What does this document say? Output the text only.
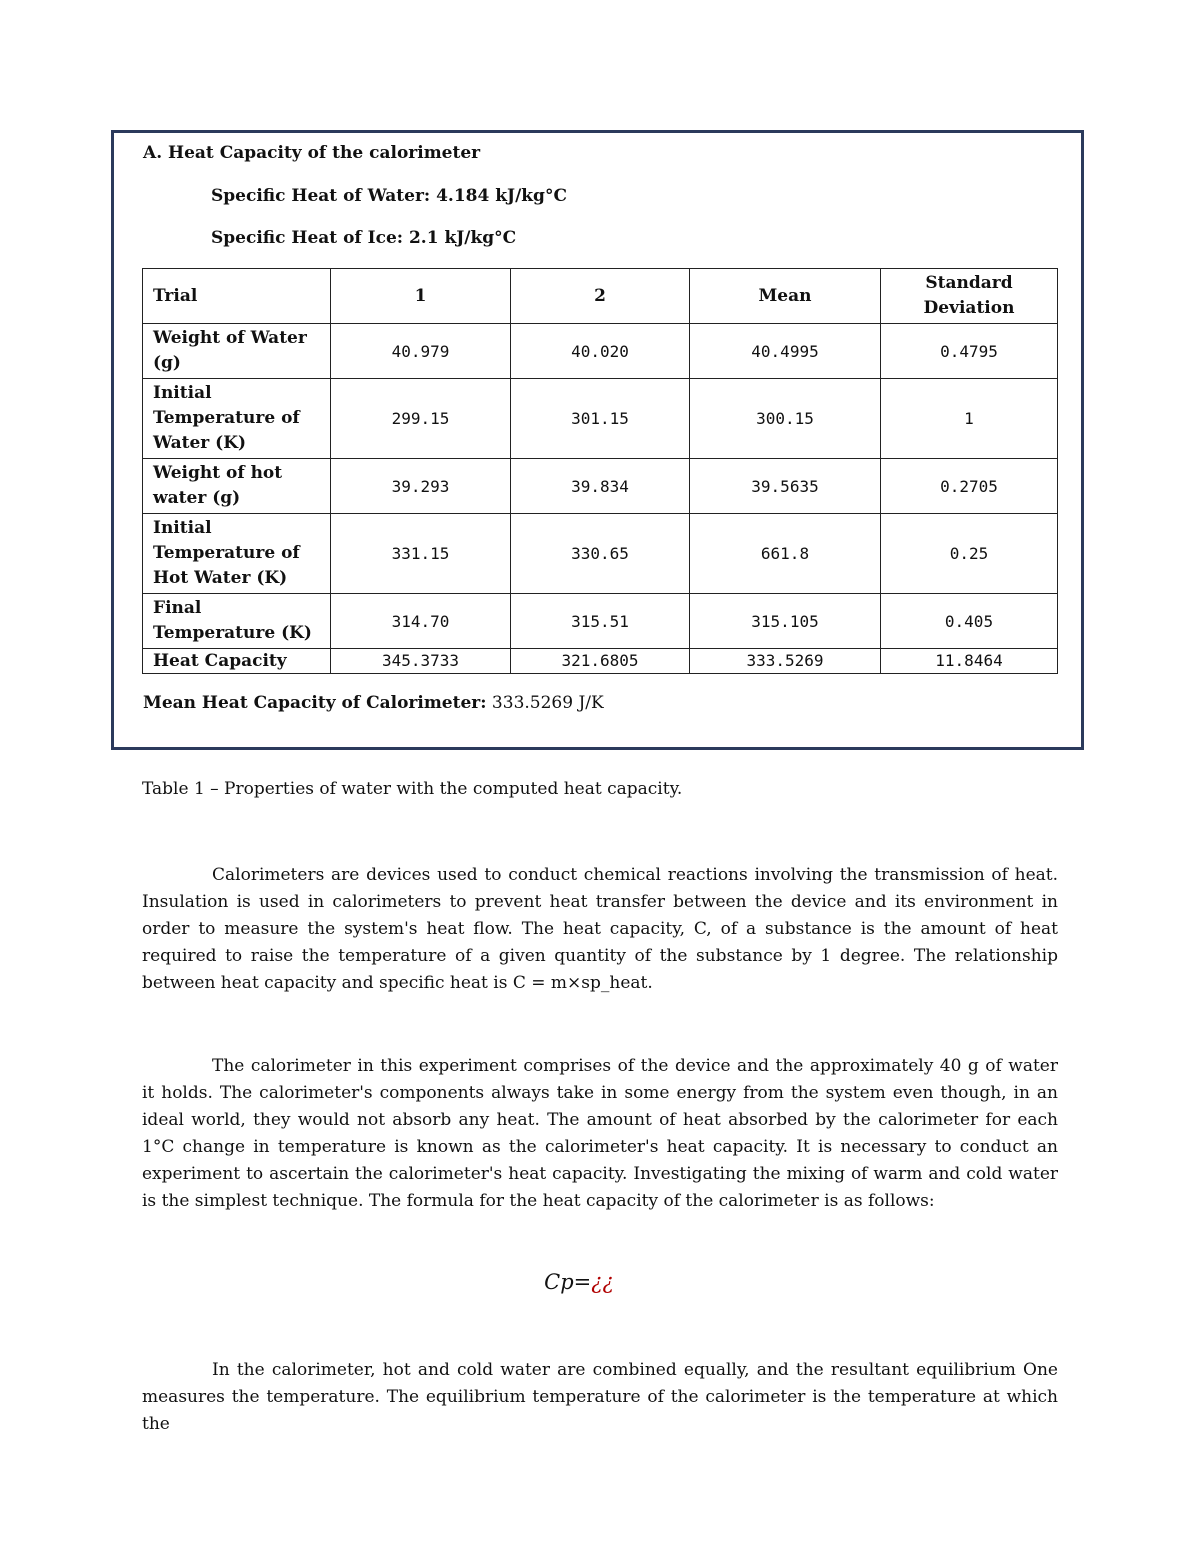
A. Heat Capacity of the calorimeter
Specific Heat of Water: 4.184 kJ/kg°C
Specific Heat of Ice: 2.1 kJ/kg°C
Trial	1	2	Mean	Standard Deviation
Weight of Water (g)	40.979	40.020	40.4995	0.4795
Initial Temperature of Water (K)	299.15	301.15	300.15	1
Weight of hot water (g)	39.293	39.834	39.5635	0.2705
Initial Temperature of Hot Water (K)	331.15	330.65	661.8	0.25
Final Temperature (K)	314.70	315.51	315.105	0.405
Heat Capacity	345.3733	321.6805	333.5269	11.8464
Mean Heat Capacity of Calorimeter: 333.5269 J/K
Table 1 – Properties of water with the computed heat capacity.

Calorimeters are devices used to conduct chemical reactions involving the transmission of heat. Insulation is used in calorimeters to prevent heat transfer between the device and its environment in order to measure the system's heat flow. The heat capacity, C, of a substance is the amount of heat required to raise the temperature of a given quantity of the substance by 1 degree. The relationship between heat capacity and specific heat is C = m×sp_heat.

The calorimeter in this experiment comprises of the device and the approximately 40 g of water it holds. The calorimeter's components always take in some energy from the system even though, in an ideal world, they would not absorb any heat. The amount of heat absorbed by the calorimeter for each 1°C change in temperature is known as the calorimeter's heat capacity. It is necessary to conduct an experiment to ascertain the calorimeter's heat capacity. Investigating the mixing of warm and cold water is the simplest technique. The formula for the heat capacity of the calorimeter is as follows:

Cp=¿¿

In the calorimeter, hot and cold water are combined equally, and the resultant equilibrium One measures the temperature. The equilibrium temperature of the calorimeter is the temperature at which the
